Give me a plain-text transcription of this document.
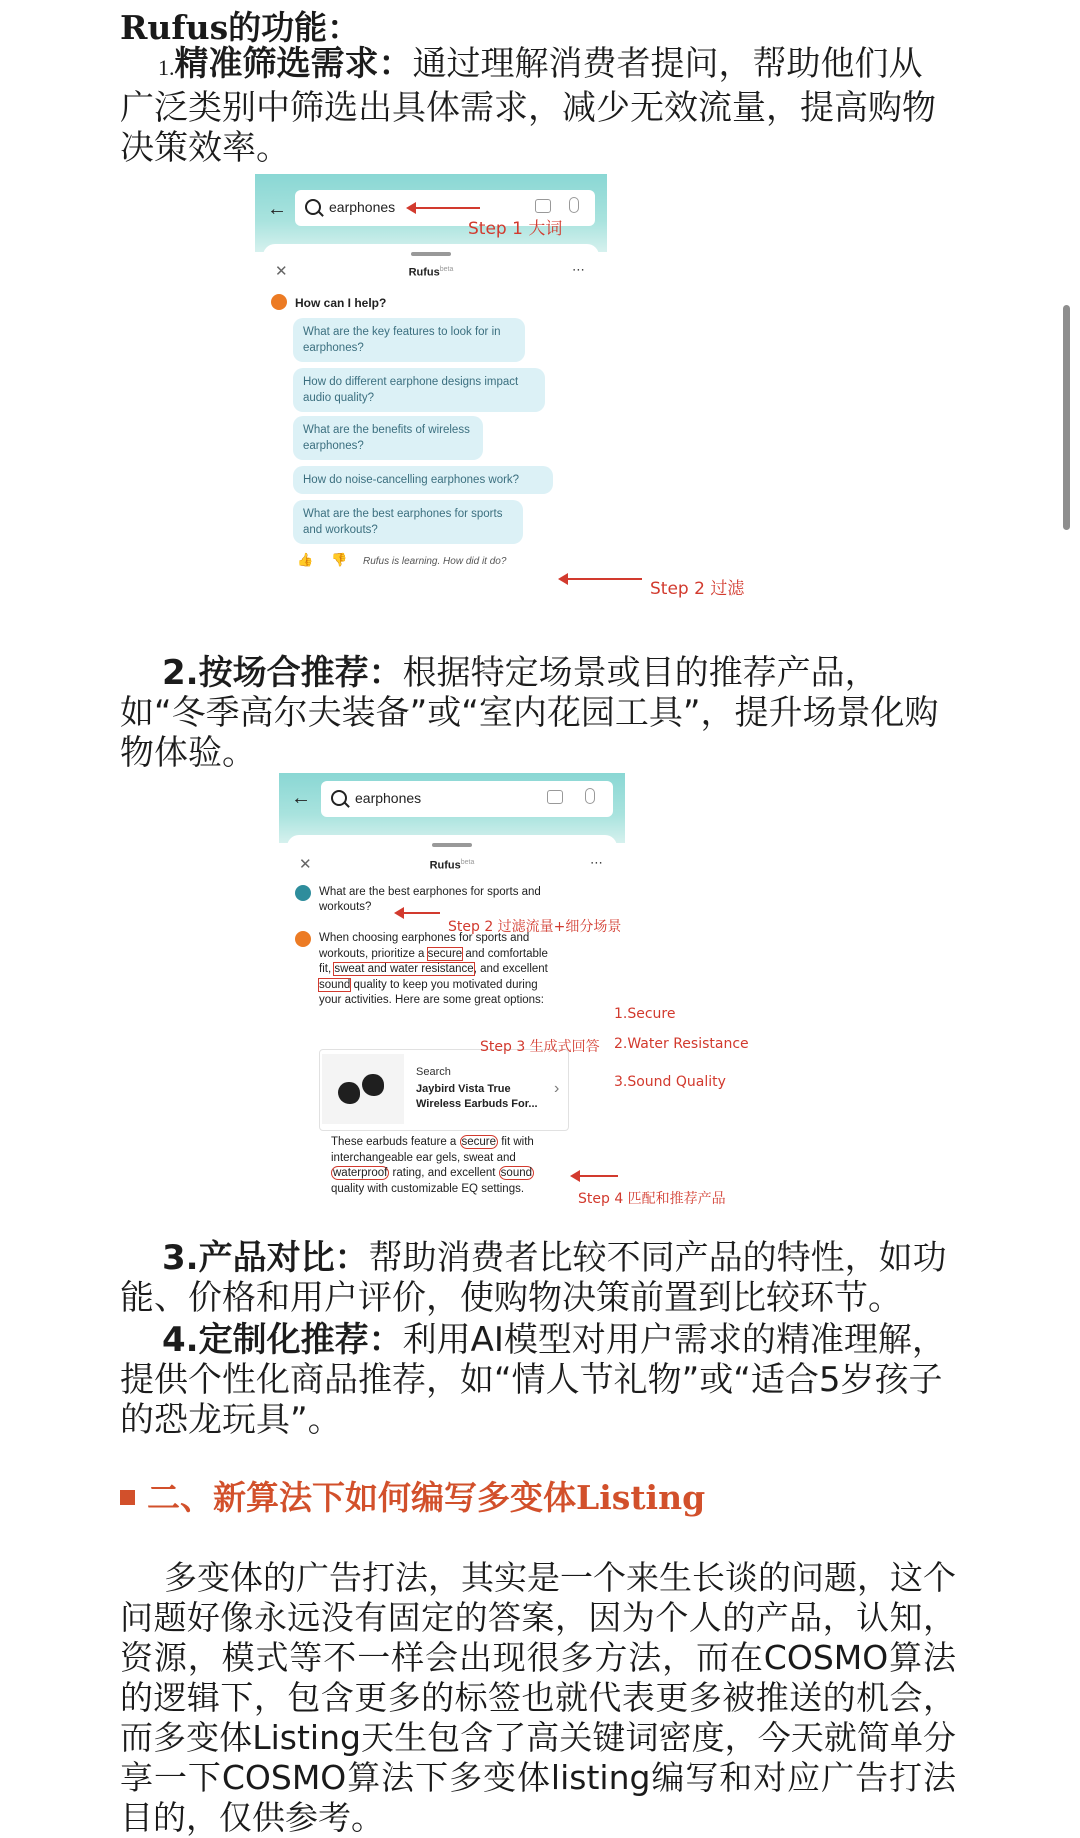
Rufus的功能：

1.精准筛选需求：通过理解消费者提问，帮助他们从广泛类别中筛选出具体需求，减少无效流量，提高购物决策效率。

←	earphones
✕	Rufus$^{beta}$	⋯
How can I help?
What are the key features to look for in earphones?
How do different earphone designs impact audio quality?
What are the benefits of wireless earphones?
How do noise-cancelling earphones work?
What are the best earphones for sports and workouts?
👍 👎 Rufus is learning. How did it do?
Step 1 大词
Step 2 过滤

2.按场合推荐：根据特定场景或目的推荐产品，如“冬季高尔夫装备”或“室内花园工具”，提升场景化购物体验。

←	earphones
✕	Rufus$^{beta}$	⋯
What are the best earphones for sports and workouts?
When choosing earphones for sports and workouts, prioritize a secure and comfortable fit, sweat and water resistance, and excellent sound quality to keep you motivated during your activities. Here are some great options:
Search
Jaybird Vista True Wireless Earbuds For...
›
These earbuds feature a secure fit with interchangeable ear gels, sweat and waterproof rating, and excellent sound quality with customizable EQ settings.
Step 2 过滤流量+细分场景
1.Secure
2.Water Resistance
3.Sound Quality
Step 3 生成式回答
Step 4 匹配和推荐产品

3.产品对比：帮助消费者比较不同产品的特性，如功能、价格和用户评价，使购物决策前置到比较环节。

4.定制化推荐：利用AI模型对用户需求的精准理解，提供个性化商品推荐，如“情人节礼物”或“适合5岁孩子的恐龙玩具”。

二、新算法下如何编写多变体Listing

多变体的广告打法，其实是一个来生长谈的问题，这个问题好像永远没有固定的答案，因为个人的产品，认知，资源，模式等不一样会出现很多方法，而在COSMO算法的逻辑下，包含更多的标签也就代表更多被推送的机会，而多变体Listing天生包含了高关键词密度，今天就简单分享一下COSMO算法下多变体listing编写和对应广告打法目的，仅供参考。
